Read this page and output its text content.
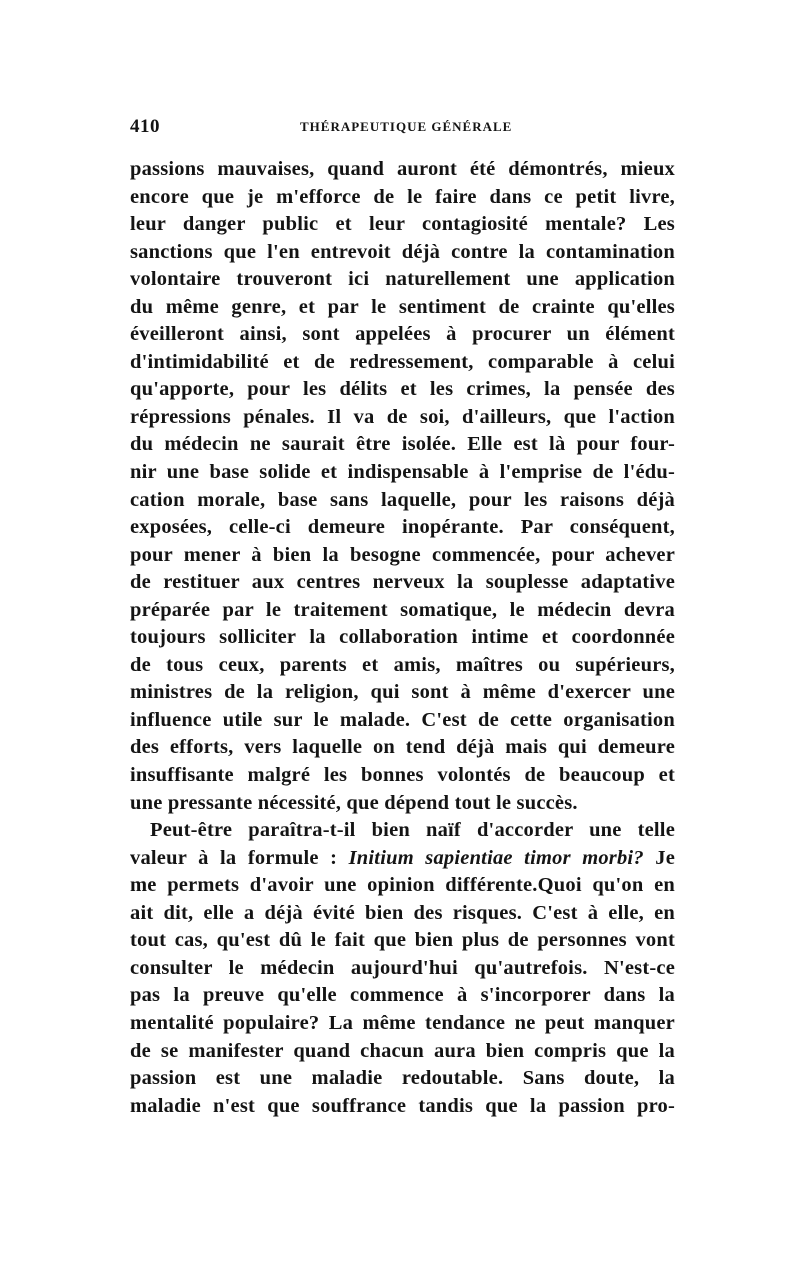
410	THÉRAPEUTIQUE GÉNÉRALE
passions mauvaises, quand auront été démontrés, mieux
encore que je m'efforce de le faire dans ce petit livre,
leur danger public et leur contagiosité mentale? Les
sanctions que l'en entrevoit déjà contre la contamination
volontaire trouveront ici naturellement une application
du même genre, et par le sentiment de crainte qu'elles
éveilleront ainsi, sont appelées à procurer un élément
d'intimidabilité et de redressement, comparable à celui
qu'apporte, pour les délits et les crimes, la pensée des
répressions pénales. Il va de soi, d'ailleurs, que l'action
du médecin ne saurait être isolée. Elle est là pour four-
nir une base solide et indispensable à l'emprise de l'édu-
cation morale, base sans laquelle, pour les raisons déjà
exposées, celle-ci demeure inopérante. Par conséquent,
pour mener à bien la besogne commencée, pour achever
de restituer aux centres nerveux la souplesse adaptative
préparée par le traitement somatique, le médecin devra
toujours solliciter la collaboration intime et coordonnée
de tous ceux, parents et amis, maîtres ou supérieurs,
ministres de la religion, qui sont à même d'exercer une
influence utile sur le malade. C'est de cette organisation
des efforts, vers laquelle on tend déjà mais qui demeure
insuffisante malgré les bonnes volontés de beaucoup et
une pressante nécessité, que dépend tout le succès.
Peut-être paraîtra-t-il bien naïf d'accorder une telle
valeur à la formule : Initium sapientiae timor morbi? Je
me permets d'avoir une opinion différente.Quoi qu'on en
ait dit, elle a déjà évité bien des risques. C'est à elle, en
tout cas, qu'est dû le fait que bien plus de personnes vont
consulter le médecin aujourd'hui qu'autrefois. N'est-ce
pas la preuve qu'elle commence à s'incorporer dans la
mentalité populaire? La même tendance ne peut manquer
de se manifester quand chacun aura bien compris que la
passion est une maladie redoutable. Sans doute, la
maladie n'est que souffrance tandis que la passion pro-
